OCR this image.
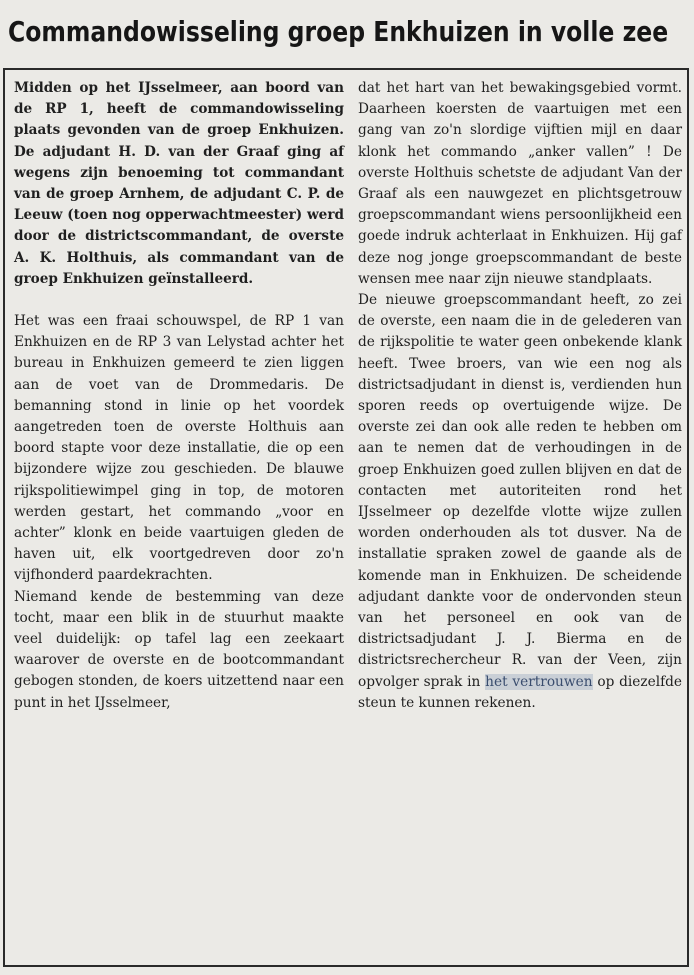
Commandowisseling groep Enkhuizen in volle zee

Midden op het IJsselmeer, aan boord van de RP 1, heeft de commandowisseling plaats gevonden van de groep Enkhuizen. De adjudant H. D. van der Graaf ging af wegens zijn benoeming tot commandant van de groep Arnhem, de adjudant C. P. de Leeuw (toen nog opperwachtmeester) werd door de districtscommandant, de overste A. K. Holthuis, als commandant van de groep Enkhuizen geïnstalleerd.

Het was een fraai schouwspel, de RP 1 van Enkhuizen en de RP 3 van Lelystad achter het bureau in Enkhuizen gemeerd te zien liggen aan de voet van de Drommedaris. De bemanning stond in linie op het voordek aangetreden toen de overste Holthuis aan boord stapte voor deze installatie, die op een bijzondere wijze zou geschieden. De blauwe rijkspolitiewimpel ging in top, de motoren werden gestart, het commando „voor en achter” klonk en beide vaartuigen gleden de haven uit, elk voortgedreven door zo'n vijfhonderd paardekrachten.

Niemand kende de bestemming van deze tocht, maar een blik in de stuurhut maakte veel duidelijk: op tafel lag een zeekaart waarover de overste en de bootcommandant gebogen stonden, de koers uitzettend naar een punt in het IJsselmeer,

dat het hart van het bewakingsgebied vormt. Daarheen koersten de vaartuigen met een gang van zo'n slordige vijftien mijl en daar klonk het commando „anker vallen” ! De overste Holthuis schetste de adjudant Van der Graaf als een nauwgezet en plichtsgetrouw groepscommandant wiens persoonlijkheid een goede indruk achterlaat in Enkhuizen. Hij gaf deze nog jonge groepscommandant de beste wensen mee naar zijn nieuwe standplaats.

De nieuwe groepscommandant heeft, zo zei de overste, een naam die in de gelederen van de rijkspolitie te water geen onbekende klank heeft. Twee broers, van wie een nog als districtsadjudant in dienst is, verdienden hun sporen reeds op overtuigende wijze. De overste zei dan ook alle reden te hebben om aan te nemen dat de verhoudingen in de groep Enkhuizen goed zullen blijven en dat de contacten met autoriteiten rond het IJsselmeer op dezelfde vlotte wijze zullen worden onderhouden als tot dusver. Na de installatie spraken zowel de gaande als de komende man in Enkhuizen. De scheidende adjudant dankte voor de ondervonden steun van het personeel en ook van de districtsadjudant J. J. Bierma en de districtsrechercheur R. van der Veen, zijn opvolger sprak in het vertrouwen op diezelfde steun te kunnen rekenen.
